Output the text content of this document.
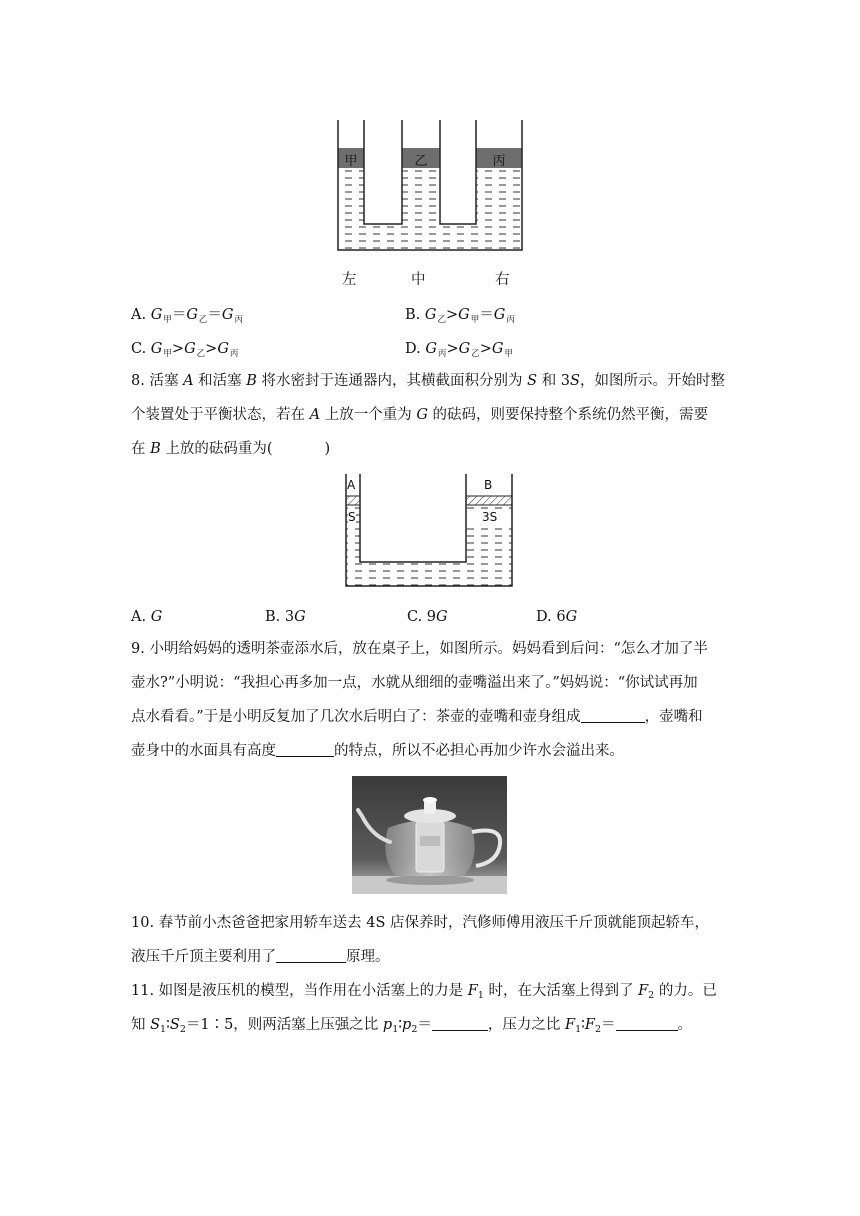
甲	乙	丙
左	中	右
A. $G_甲=G_乙=G_丙$	B. $G_乙>G_甲=G_丙$
C. $G_甲>G_乙>G_丙$	D. $G_丙>G_乙>G_甲$
8. 活塞 A 和活塞 B 将水密封于连通器内，其横截面积分别为 S 和 3S，如图所示。开始时整
个装置处于平衡状态，若在 A 上放一个重为 G 的砝码，则要保持整个系统仍然平衡，需要
在 B 上放的砝码重为(	)
A	B
S	3S
A. G	B. 3G	C. 9G	D. 6G
9. 小明给妈妈的透明茶壶添水后，放在桌子上，如图所示。妈妈看到后问：“怎么才加了半
壶水?”小明说：“我担心再多加一点，水就从细细的壶嘴溢出来了。”妈妈说：“你试试再加
点水看看。”于是小明反复加了几次水后明白了：茶壶的壶嘴和壶身组成	，壶嘴和
壶身中的水面具有高度	的特点，所以不必担心再加少许水会溢出来。
10. 春节前小杰爸爸把家用轿车送去 4S 店保养时，汽修师傅用液压千斤顶就能顶起轿车，
液压千斤顶主要利用了	原理。
11. 如图是液压机的模型，当作用在小活塞上的力是 $F_1$ 时，在大活塞上得到了 $F_2$ 的力。已
知 $S_1∶S_2=1∶5$，则两活塞上压强之比 $p_1∶p_2=$	，压力之比 $F_1∶F_2=$	。
